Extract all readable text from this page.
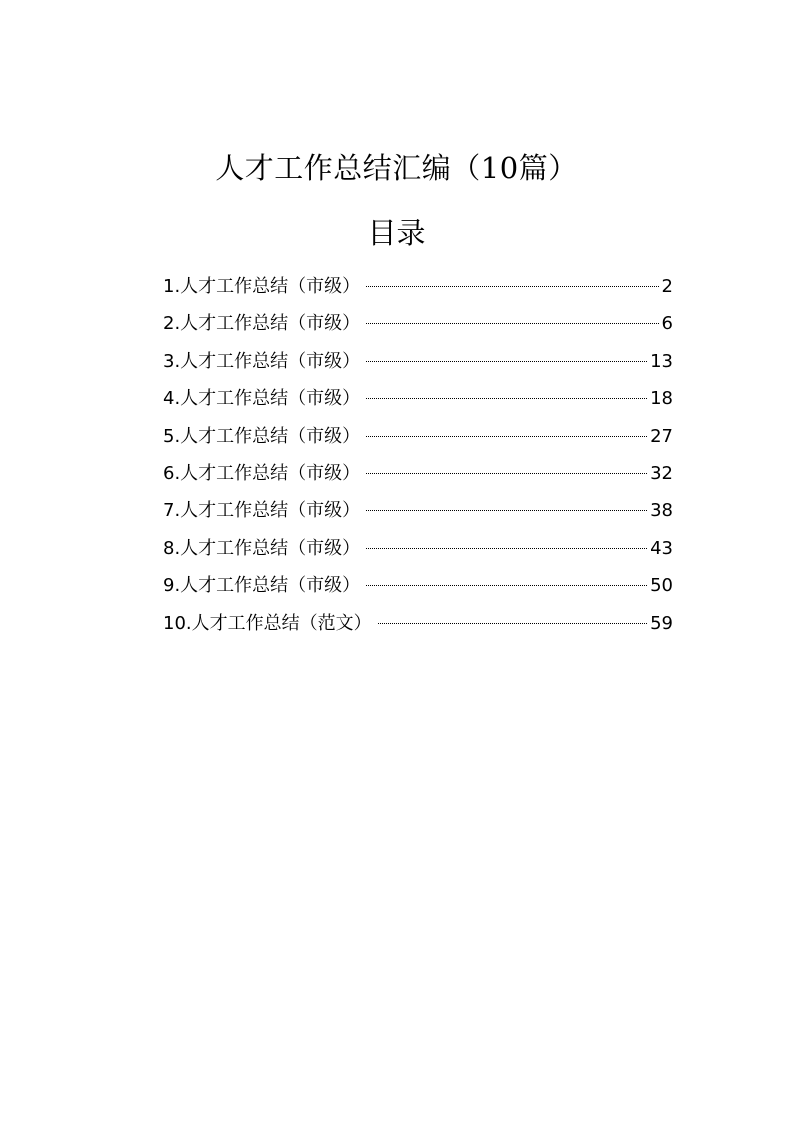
人才工作总结汇编（10篇）
目录
1.人才工作总结（市级）	2
2.人才工作总结（市级）	6
3.人才工作总结（市级）	13
4.人才工作总结（市级）	18
5.人才工作总结（市级）	27
6.人才工作总结（市级）	32
7.人才工作总结（市级）	38
8.人才工作总结（市级）	43
9.人才工作总结（市级）	50
10.人才工作总结（范文）	59
